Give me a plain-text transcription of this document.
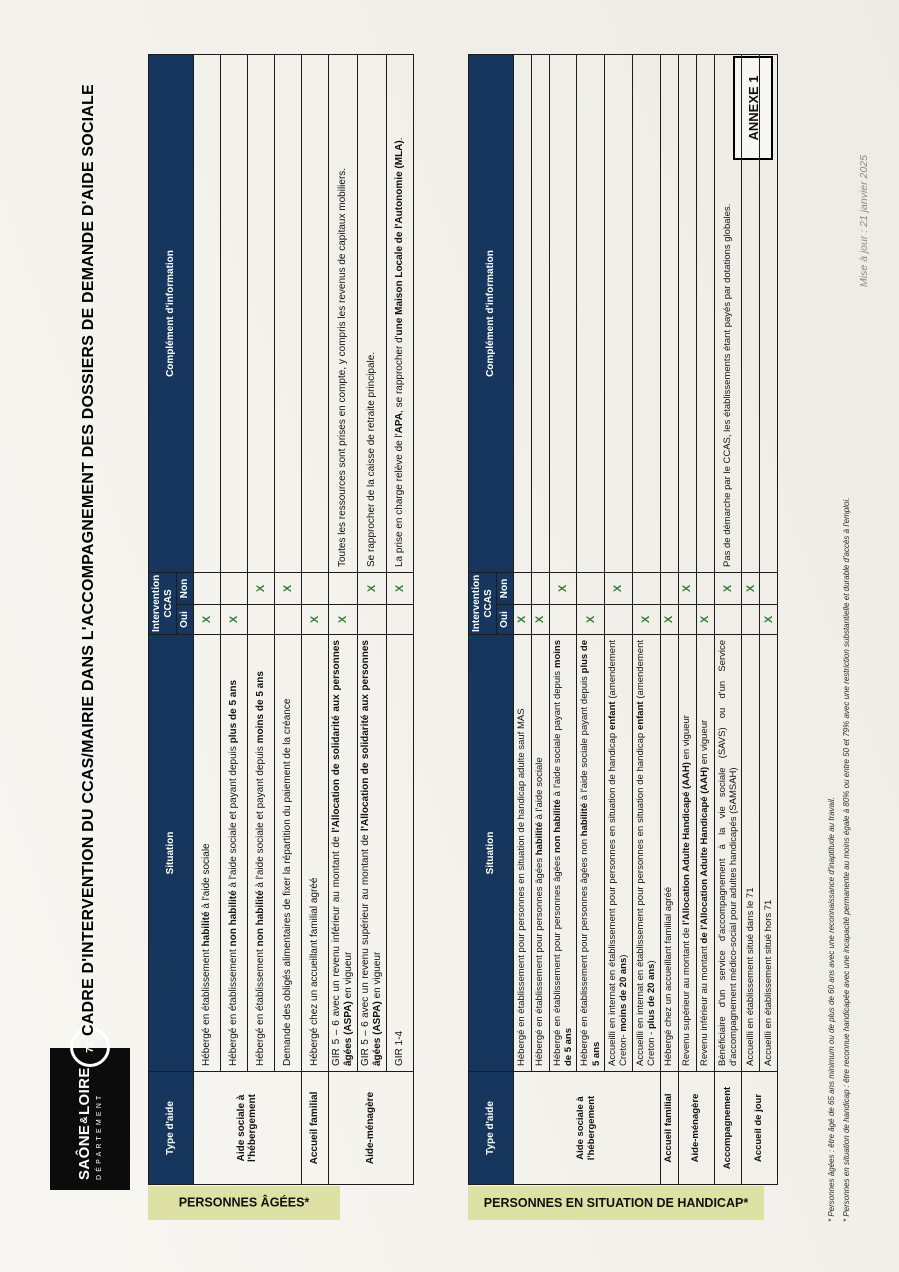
SAÔNE&LOIRE
DÉPARTEMENT
71
CADRE D'INTERVENTION DU CCAS/MAIRIE DANS L'ACCOMPAGNEMENT DES DOSSIERS DE DEMANDE D'AIDE SOCIALE	ANNEXE 1
PERSONNES ÂGÉES*
Type d'aide	Situation	Intervention CCAS		Complément d'information
		Oui	Non	
Aide sociale à l'hébergement	Hébergé en établissement habilité à l'aide sociale	X		
	Hébergé en établissement non habilité à l'aide sociale et payant depuis plus de 5 ans	X		
	Hébergé en établissement non habilité à l'aide sociale et payant depuis moins de 5 ans		X	
	Demande des obligés alimentaires de fixer la répartition du paiement de la créance		X	
Accueil familial	Hébergé chez un accueillant familial agréé	X		
Aide-ménagère	GIR 5 – 6 avec un revenu inférieur au montant de l'Allocation de solidarité aux personnes âgées (ASPA) en vigueur	X		Toutes les ressources sont prises en compte, y compris les revenus de capitaux mobiliers.
	GIR 5 – 6 avec un revenu supérieur au montant de l'Allocation de solidarité aux personnes âgées (ASPA) en vigueur		X	Se rapprocher de la caisse de retraite principale.
	GIR 1-4		X	La prise en charge relève de l'APA, se rapprocher d'une Maison Locale de l'Autonomie (MLA).
PERSONNES EN SITUATION DE HANDICAP*
Type d'aide	Situation	Intervention CCAS		Complément d'information
		Oui	Non	
Aide sociale à l'hébergement	Hébergé en établissement pour personnes en situation de handicap adulte sauf MAS	X		
	Hébergé en établissement pour personnes âgées habilité à l'aide sociale	X		
	Hébergé en établissement pour personnes âgées non habilité à l'aide sociale payant depuis moins de 5 ans		X	
	Hébergé en établissement pour personnes âgées non habilité à l'aide sociale payant depuis plus de 5 ans	X		
	Accueilli en internat en établissement pour personnes en situation de handicap enfant (amendement Creton- moins de 20 ans)		X	
	Accueilli en internat en établissement pour personnes en situation de handicap enfant (amendement Creton - plus de 20 ans)	X		
Accueil familial	Hébergé chez un accueillant familial agréé	X		
Aide-ménagère	Revenu supérieur au montant de l'Allocation Adulte Handicapé (AAH) en vigueur		X	
	Revenu inférieur au montant de l'Allocation Adulte Handicapé (AAH) en vigueur	X		
Accompagnement	Bénéficiaire d'un service d'accompagnement à la vie sociale (SAVS) ou d'un Service d'accompagnement médico-social pour adultes handicapés (SAMSAH)		X	Pas de démarche par le CCAS, les établissements étant payés par dotations globales.
Accueil de jour	Accueilli en établissement situé dans le 71		X	
	Accueilli en établissement situé hors 71	X		
* Personnes âgées : être âgé de 65 ans minimum ou de plus de 60 ans avec une reconnaissance d'inaptitude au travail. * Personnes en situation de handicap : être reconnue handicapée avec une incapacité permanente au moins égale à 80% ou entre 50 et 79% avec une restriction substantielle et durable d'accès à l'emploi.
Mise à jour : 21 janvier 2025
